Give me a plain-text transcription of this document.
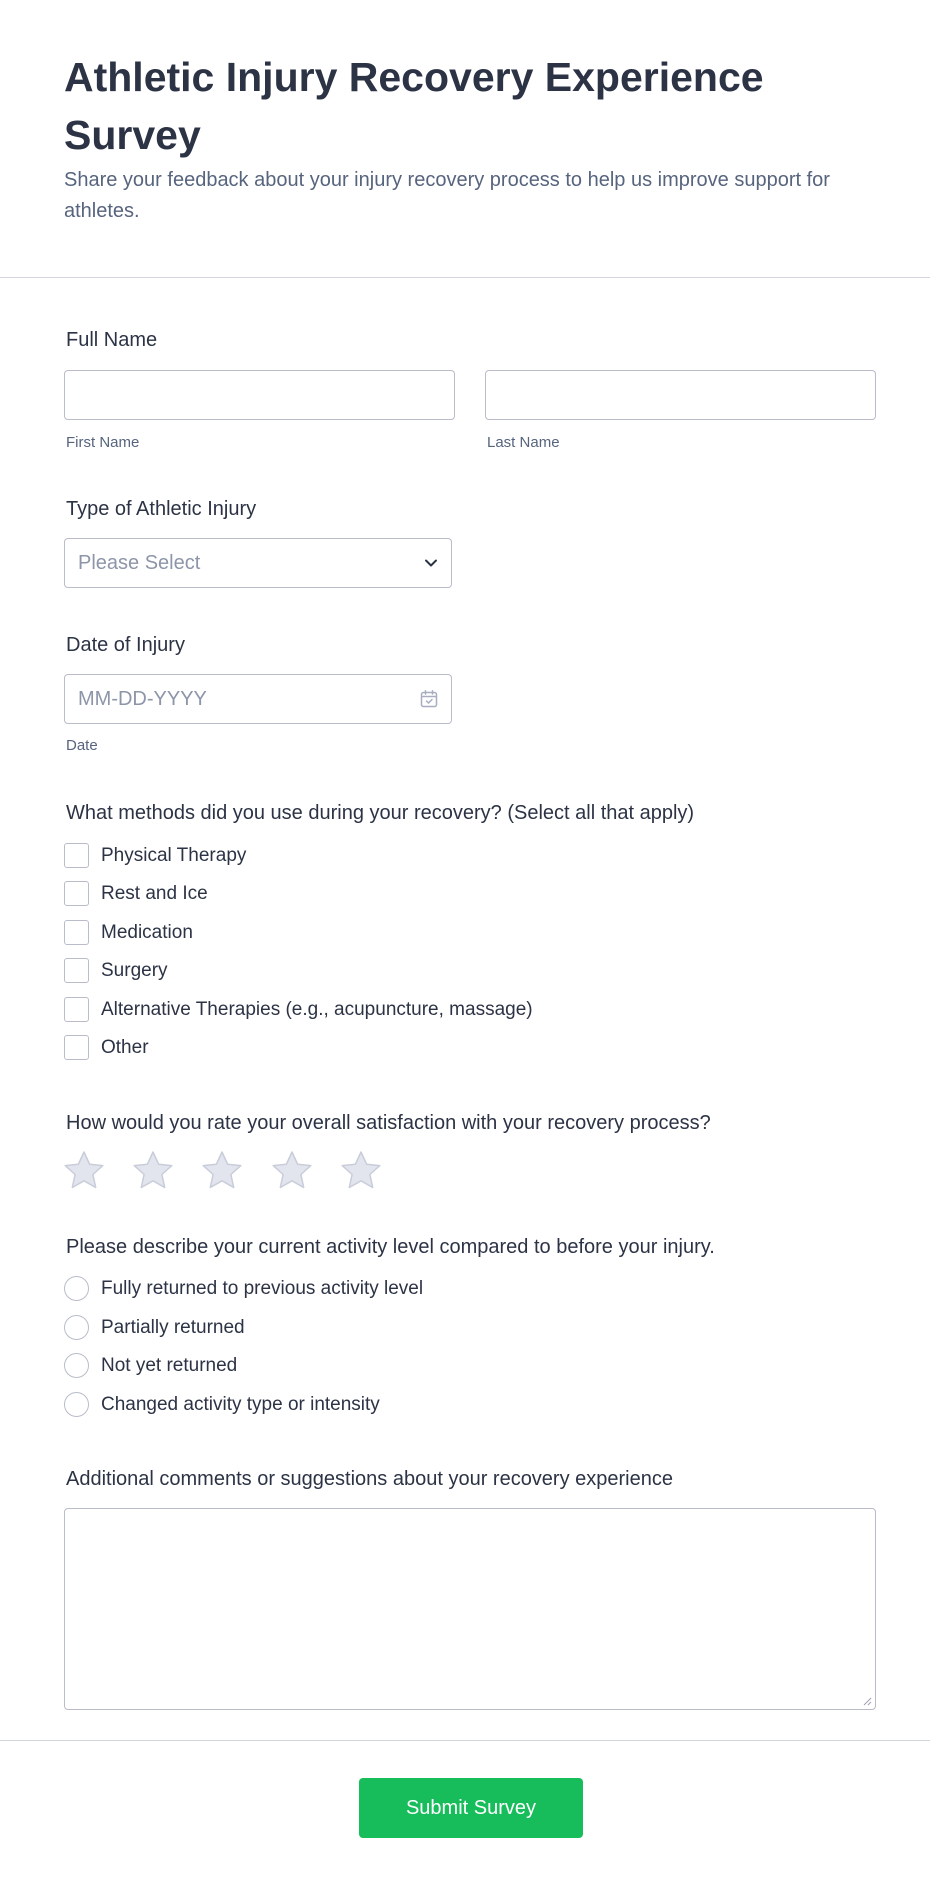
Athletic Injury Recovery Experience Survey

Share your feedback about your injury recovery process to help us improve support for athletes.

Full Name
First Name	Last Name
Type of Athletic Injury
Please Select
Date of Injury
MM-DD-YYYY
Date
What methods did you use during your recovery? (Select all that apply)
Physical Therapy
Rest and Ice
Medication
Surgery
Alternative Therapies (e.g., acupuncture, massage)
Other
How would you rate your overall satisfaction with your recovery process?
Please describe your current activity level compared to before your injury.
Fully returned to previous activity level
Partially returned
Not yet returned
Changed activity type or intensity
Additional comments or suggestions about your recovery experience
Submit Survey
